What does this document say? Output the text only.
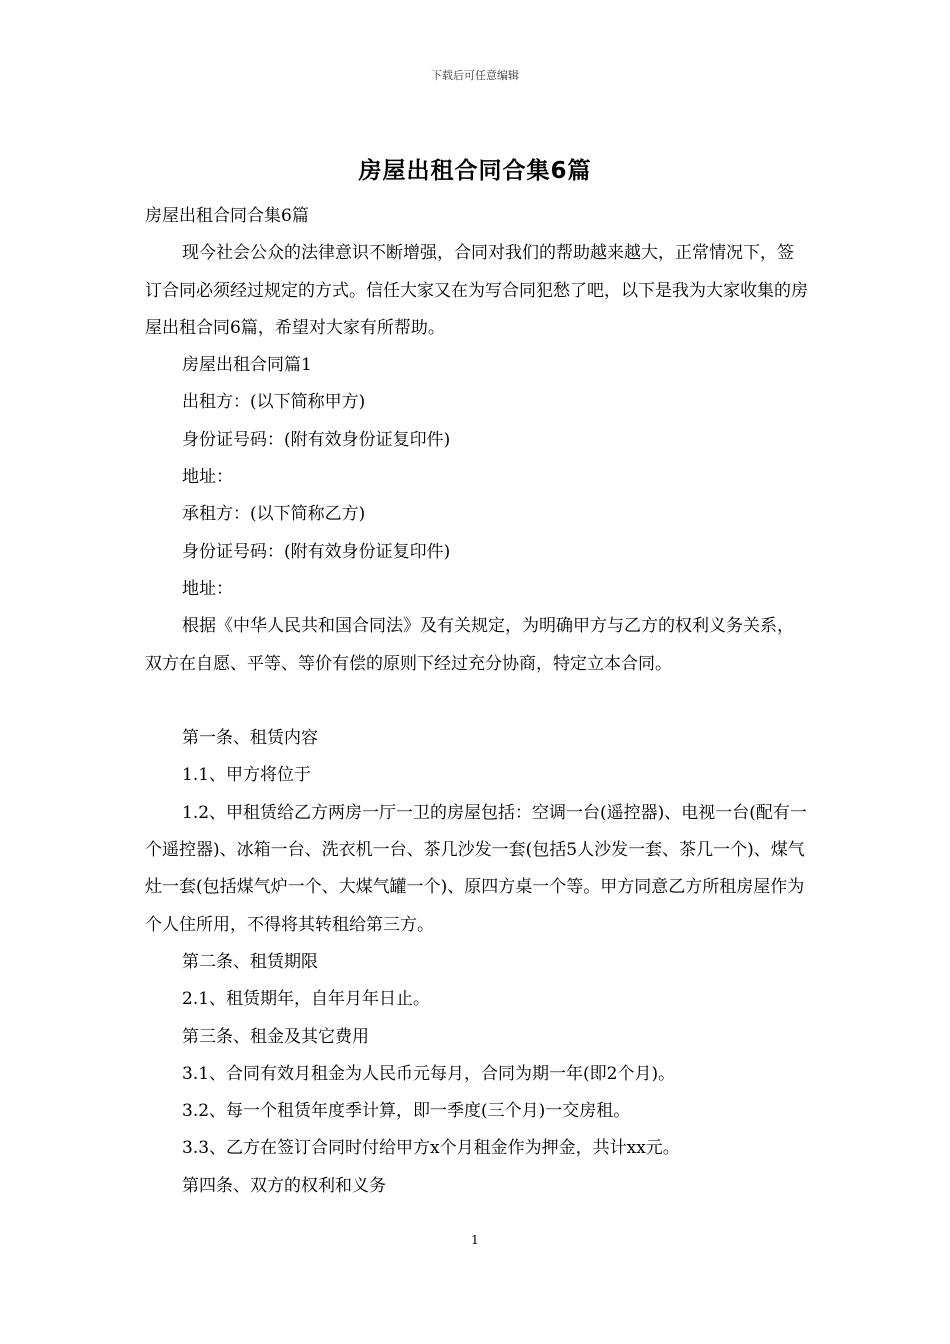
下载后可任意编辑
房屋出租合同合集6篇

房屋出租合同合集6篇

现今社会公众的法律意识不断增强，合同对我们的帮助越来越大，正常情况下，签订合同必须经过规定的方式。信任大家又在为写合同犯愁了吧，以下是我为大家收集的房屋出租合同6篇，希望对大家有所帮助。

房屋出租合同篇1

出租方：(以下简称甲方)

身份证号码：(附有效身份证复印件)

地址：

承租方：(以下简称乙方)

身份证号码：(附有效身份证复印件)

地址：

根据《中华人民共和国合同法》及有关规定，为明确甲方与乙方的权利义务关系，双方在自愿、平等、等价有偿的原则下经过充分协商，特定立本合同。

第一条、租赁内容

1.1、甲方将位于

1.2、甲租赁给乙方两房一厅一卫的房屋包括：空调一台(遥控器)、电视一台(配有一个遥控器)、冰箱一台、洗衣机一台、茶几沙发一套(包括5人沙发一套、茶几一个)、煤气灶一套(包括煤气炉一个、大煤气罐一个)、原四方桌一个等。甲方同意乙方所租房屋作为个人住所用，不得将其转租给第三方。

第二条、租赁期限

2.1、租赁期年，自年月年日止。

第三条、租金及其它费用

3.1、合同有效月租金为人民币元每月，合同为期一年(即2个月)。

3.2、每一个租赁年度季计算，即一季度(三个月)一交房租。

3.3、乙方在签订合同时付给甲方x个月租金作为押金，共计xx元。

第四条、双方的权利和义务

1
